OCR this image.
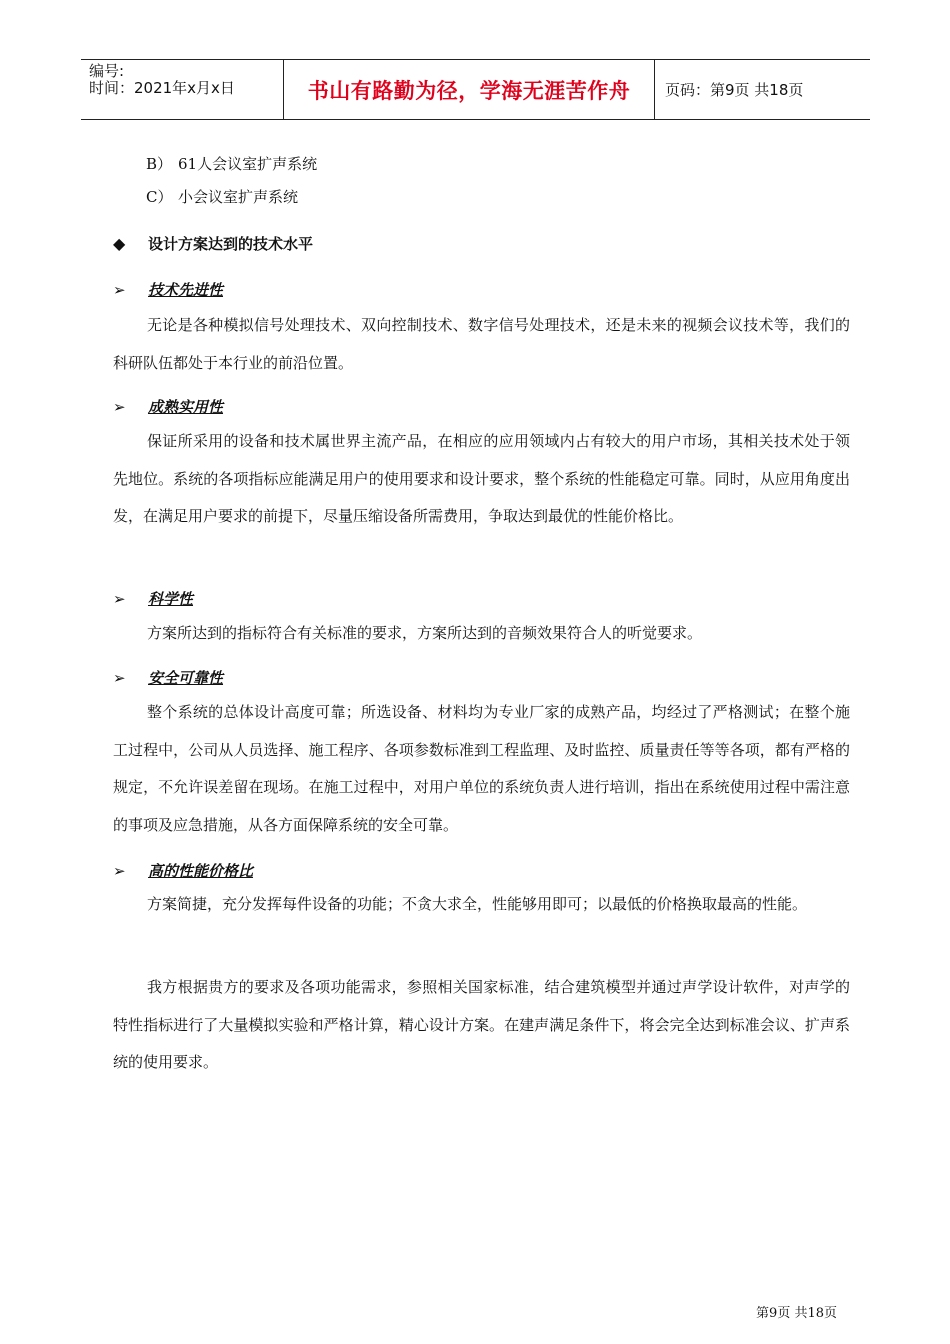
编号:
时间：2021年x月x日	书山有路勤为径，学海无涯苦作舟	页码：第9页 共18页
B） 61人会议室扩声系统
C） 小会议室扩声系统
◆ 设计方案达到的技术水平
➢ 技术先进性
无论是各种模拟信号处理技术、双向控制技术、数字信号处理技术，还是未来的视频会议技术等，我们的科研队伍都处于本行业的前沿位置。
➢ 成熟实用性
保证所采用的设备和技术属世界主流产品，在相应的应用领域内占有较大的用户市场，其相关技术处于领先地位。系统的各项指标应能满足用户的使用要求和设计要求，整个系统的性能稳定可靠。同时，从应用角度出发，在满足用户要求的前提下，尽量压缩设备所需费用，争取达到最优的性能价格比。
➢ 科学性
方案所达到的指标符合有关标准的要求，方案所达到的音频效果符合人的听觉要求。
➢ 安全可靠性
整个系统的总体设计高度可靠；所选设备、材料均为专业厂家的成熟产品，均经过了严格测试；在整个施工过程中，公司从人员选择、施工程序、各项参数标准到工程监理、及时监控、质量责任等等各项，都有严格的规定，不允许误差留在现场。在施工过程中，对用户单位的系统负责人进行培训，指出在系统使用过程中需注意的事项及应急措施，从各方面保障系统的安全可靠。
➢ 高的性能价格比
方案简捷，充分发挥每件设备的功能；不贪大求全，性能够用即可；以最低的价格换取最高的性能。
我方根据贵方的要求及各项功能需求，参照相关国家标准，结合建筑模型并通过声学设计软件，对声学的特性指标进行了大量模拟实验和严格计算，精心设计方案。在建声满足条件下，将会完全达到标准会议、扩声系统的使用要求。
第9页 共18页
